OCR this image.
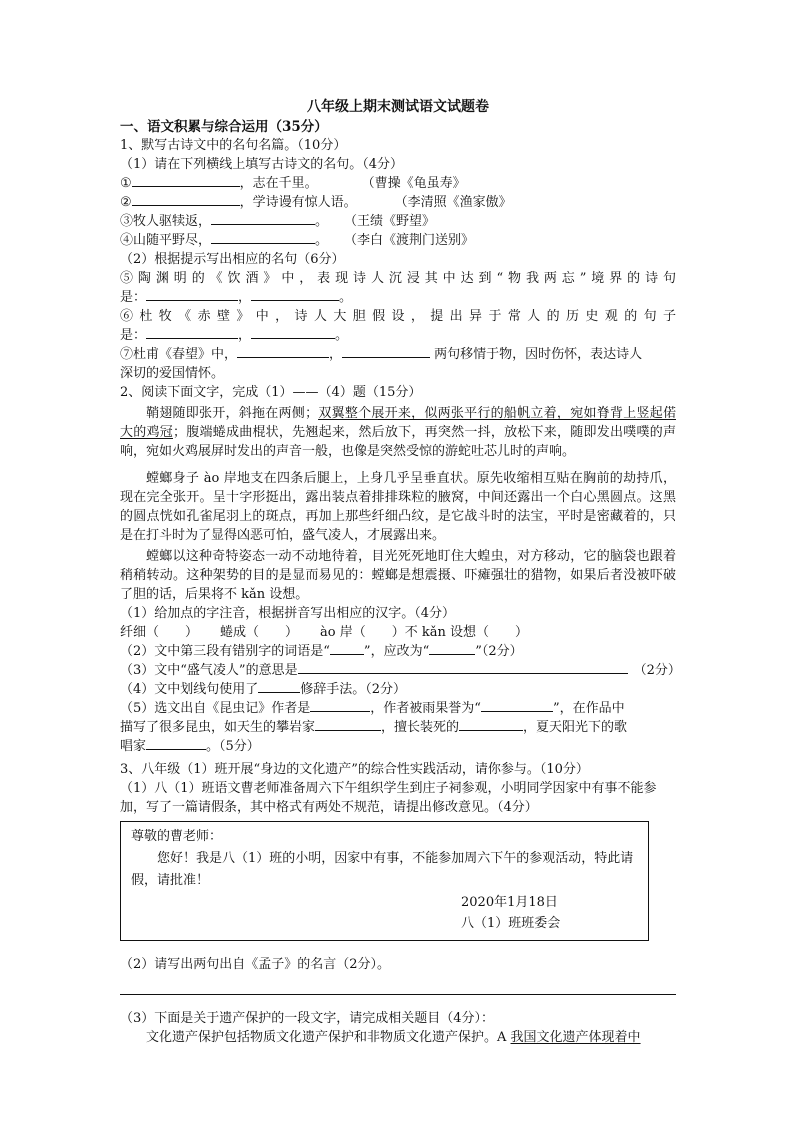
八年级上期末测试语文试题卷
一、语文积累与综合运用（35分）
1、默写古诗文中的名句名篇。（10分）
（1）请在下列横线上填写古诗文的名句。（4分）
①	，志在千里。	（曹操《龟虽寿》
②	，学诗谩有惊人语。	（李清照《渔家傲》
③牧人驱犊返，	。 （王绩《野望》
④山随平野尽，	。 （李白《渡荆门送别》
（2）根据提示写出相应的名句（6分）
⑤陶渊明的《饮酒》中，表现诗人沉浸其中达到“物我两忘”境界的诗句
是：	，	。
⑥杜牧《赤壁》中，诗人大胆假设，提出异于常人的历史观的句子
是：	，	。
⑦杜甫《春望》中，	，	两句移情于物，因时伤怀，表达诗人
深切的爱国情怀。
2、阅读下面文字，完成（1）——（4）题（15分）
鞘翅随即张开，斜拖在两侧；双翼整个展开来，似两张平行的船帆立着，宛如脊背上竖起偌大的鸡冠；腹端蜷成曲棍状，先翘起来，然后放下，再突然一抖，放松下来，随即发出噗噗的声响，宛如火鸡展屏时发出的声音一般，也像是突然受惊的游蛇吐芯儿时的声响。
螳螂身子 ào 岸地支在四条后腿上，上身几乎呈垂直状。原先收缩相互贴在胸前的劫持爪，现在完全张开。呈十字形挺出，露出装点着排排珠粒的腋窝，中间还露出一个白心黑圆点。这黑的圆点恍如孔雀尾羽上的斑点，再加上那些纤细凸纹，是它战斗时的法宝，平时是密藏着的，只是在打斗时为了显得凶恶可怕，盛气凌人，才展露出来。
螳螂以这种奇特姿态一动不动地待着，目光死死地盯住大蝗虫，对方移动，它的脑袋也跟着稍稍转动。这种架势的目的是显而易见的：螳螂是想震摄、吓瘫强壮的猎物，如果后者没被吓破了胆的话，后果将不 kǎn 设想。
（1）给加点的字注音，根据拼音写出相应的汉字。（4分）
纤细（　　） 蜷成（　　） ào 岸（　　）不 kǎn 设想（　　）
（2）文中第三段有错别字的词语是“	”，应改为“	”（2分）
（3）文中“盛气凌人”的意思是	（2分）
（4）文中划线句使用了	修辞手法。（2分）
（5）选文出自《昆虫记》作者是	，作者被雨果誉为“	”，在作品中
描写了很多昆虫，如天生的攀岩家	，擅长装死的	，夏天阳光下的歌
唱家	。（5分）
3、八年级（1）班开展“身边的文化遗产”的综合性实践活动，请你参与。（10分）
（1）八（1）班语文曹老师准备周六下午组织学生到庄子祠参观，小明同学因家中有事不能参加，写了一篇请假条，其中格式有两处不规范，请提出修改意见。（4分）
尊敬的曹老师：
您好！我是八（1）班的小明，因家中有事，不能参加周六下午的参观活动，特此请假，请批准！
2020年1月18日
八（1）班班委会
（2）请写出两句出自《孟子》的名言（2分）。
（3）下面是关于遗产保护的一段文字，请完成相关题目（4分）：
文化遗产保护包括物质文化遗产保护和非物质文化遗产保护。A 我国文化遗产体现着中
